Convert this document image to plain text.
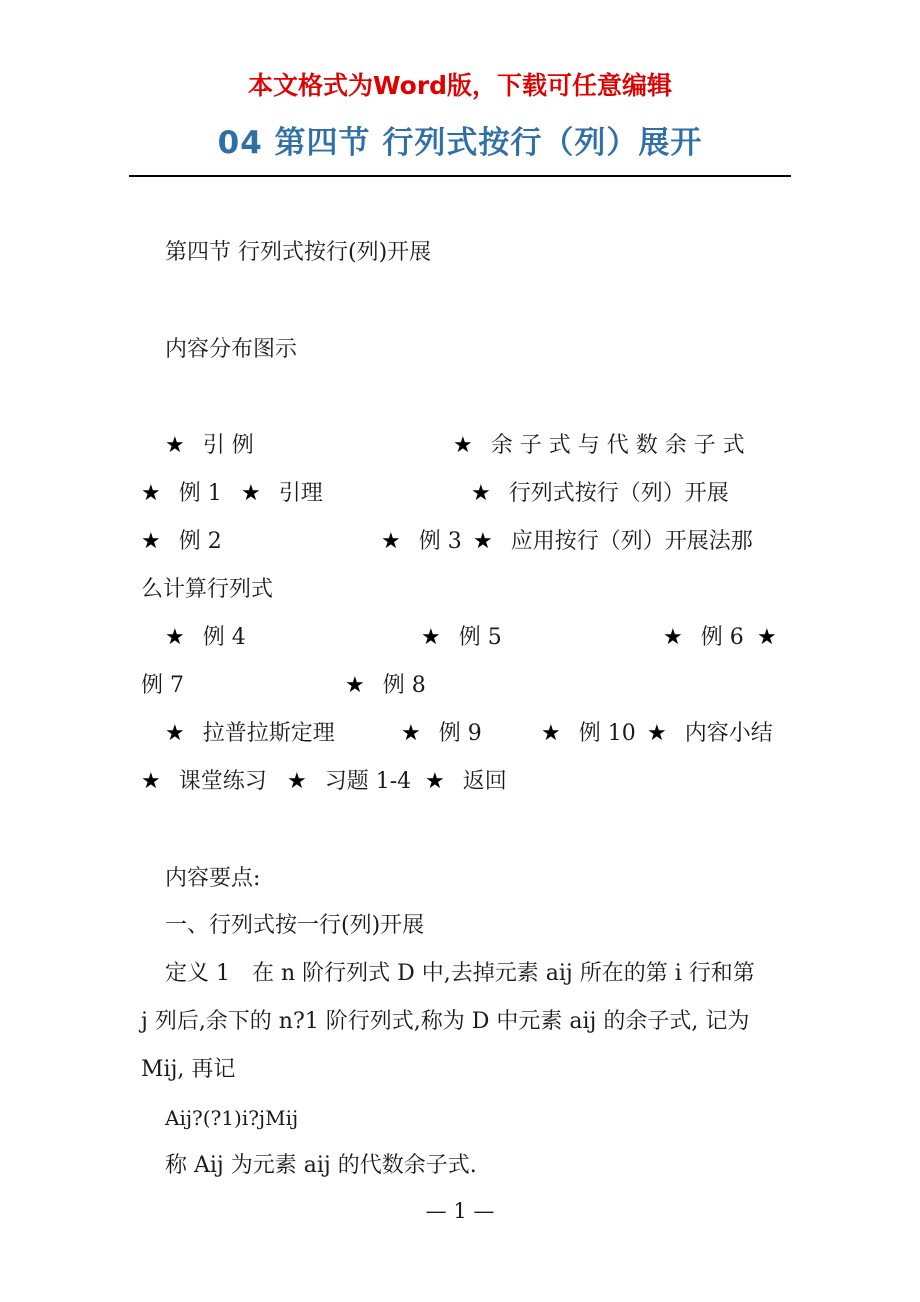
本文格式为Word版，下载可任意编辑
04 第四节 行列式按行（列）展开
第四节 行列式按行(列)开展
内容分布图示
★ 引 例	★ 余 子 式 与 代 数 余 子 式
★ 例 1 ★ 引理	★ 行列式按行（列）开展
★ 例 2	★ 例 3 ★ 应用按行（列）开展法那
么计算行列式
★ 例 4	★ 例 5	★ 例 6 ★
例 7	★ 例 8
★ 拉普拉斯定理	★ 例 9	★ 例 10 ★ 内容小结
★ 课堂练习 ★ 习题 1-4 ★ 返回
内容要点:
一、行列式按一行(列)开展
定义 1　在 n 阶行列式 D 中,去掉元素 aij 所在的第 i 行和第
j 列后,余下的 n?1 阶行列式,称为 D 中元素 aij 的余子式, 记为
Mij, 再记
Aij?(?1)i?jMij
称 Aij 为元素 aij 的代数余子式.
— 1 —
